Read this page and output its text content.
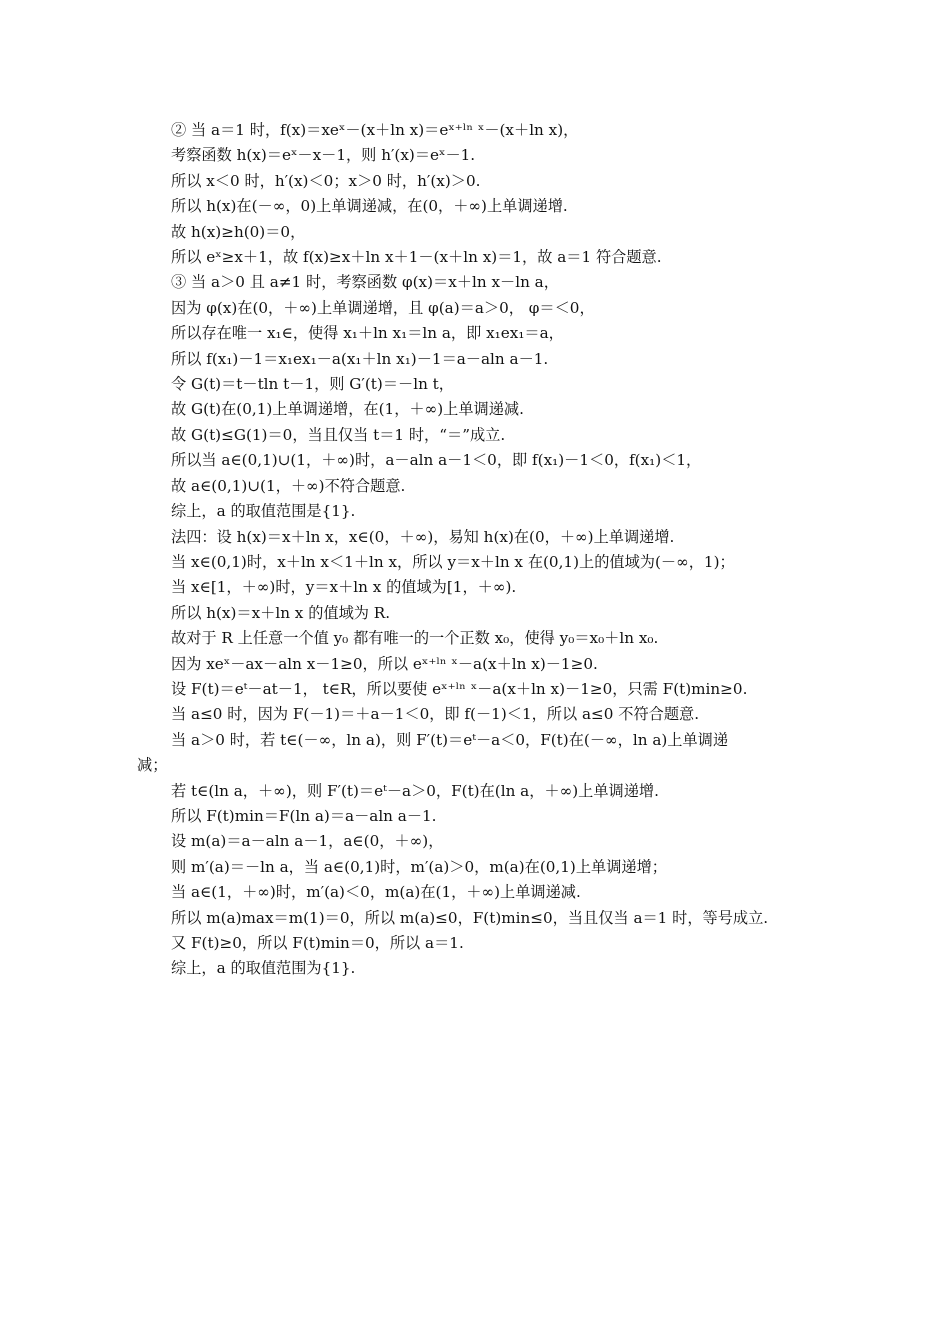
② 当 a＝1 时，f(x)＝xeˣ－(x＋ln x)＝eˣ⁺ˡⁿ ˣ－(x＋ln x)，
考察函数 h(x)＝eˣ－x－1，则 h′(x)＝eˣ－1.
所以 x＜0 时，h′(x)＜0；x＞0 时，h′(x)＞0.
所以 h(x)在(－∞，0)上单调递减，在(0，＋∞)上单调递增.
故 h(x)≥h(0)＝0，
所以 eˣ≥x＋1，故 f(x)≥x＋ln x＋1－(x＋ln x)＝1，故 a＝1 符合题意.
③ 当 a＞0 且 a≠1 时，考察函数 φ(x)＝x＋ln x－ln a，
因为 φ(x)在(0，＋∞)上单调递增，且 φ(a)＝a＞0， φ＝＜0，
所以存在唯一 x₁∈，使得 x₁＋ln x₁＝ln a，即 x₁ex₁＝a，
所以 f(x₁)－1＝x₁ex₁－a(x₁＋ln x₁)－1＝a－aln a－1.
令 G(t)＝t－tln t－1，则 G′(t)＝－ln t，
故 G(t)在(0,1)上单调递增，在(1，＋∞)上单调递减.
故 G(t)≤G(1)＝0，当且仅当 t＝1 时，“＝”成立.
所以当 a∈(0,1)∪(1，＋∞)时，a－aln a－1＜0，即 f(x₁)－1＜0，f(x₁)＜1，
故 a∈(0,1)∪(1，＋∞)不符合题意.
综上，a 的取值范围是{1}.
法四：设 h(x)＝x＋ln x，x∈(0，＋∞)，易知 h(x)在(0，＋∞)上单调递增.
当 x∈(0,1)时，x＋ln x＜1＋ln x，所以 y＝x＋ln x 在(0,1)上的值域为(－∞，1)；
当 x∈[1，＋∞)时，y＝x＋ln x 的值域为[1，＋∞).
所以 h(x)＝x＋ln x 的值域为 R.
故对于 R 上任意一个值 y₀ 都有唯一的一个正数 x₀，使得 y₀＝x₀＋ln x₀.
因为 xeˣ－ax－aln x－1≥0，所以 eˣ⁺ˡⁿ ˣ－a(x＋ln x)－1≥0.
设 F(t)＝eᵗ－at－1， t∈R，所以要使 eˣ⁺ˡⁿ ˣ－a(x＋ln x)－1≥0，只需 F(t)min≥0.
当 a≤0 时，因为 F(－1)＝＋a－1＜0，即 f(－1)＜1，所以 a≤0 不符合题意.
当 a＞0 时，若 t∈(－∞，ln a)，则 F′(t)＝eᵗ－a＜0，F(t)在(－∞，ln a)上单调递
减；
若 t∈(ln a，＋∞)，则 F′(t)＝eᵗ－a＞0，F(t)在(ln a，＋∞)上单调递增.
所以 F(t)min＝F(ln a)＝a－aln a－1.
设 m(a)＝a－aln a－1，a∈(0，＋∞)，
则 m′(a)＝－ln a，当 a∈(0,1)时，m′(a)＞0，m(a)在(0,1)上单调递增；
当 a∈(1，＋∞)时，m′(a)＜0，m(a)在(1，＋∞)上单调递减.
所以 m(a)max＝m(1)＝0，所以 m(a)≤0，F(t)min≤0，当且仅当 a＝1 时，等号成立.
又 F(t)≥0，所以 F(t)min＝0，所以 a＝1.
综上，a 的取值范围为{1}.
